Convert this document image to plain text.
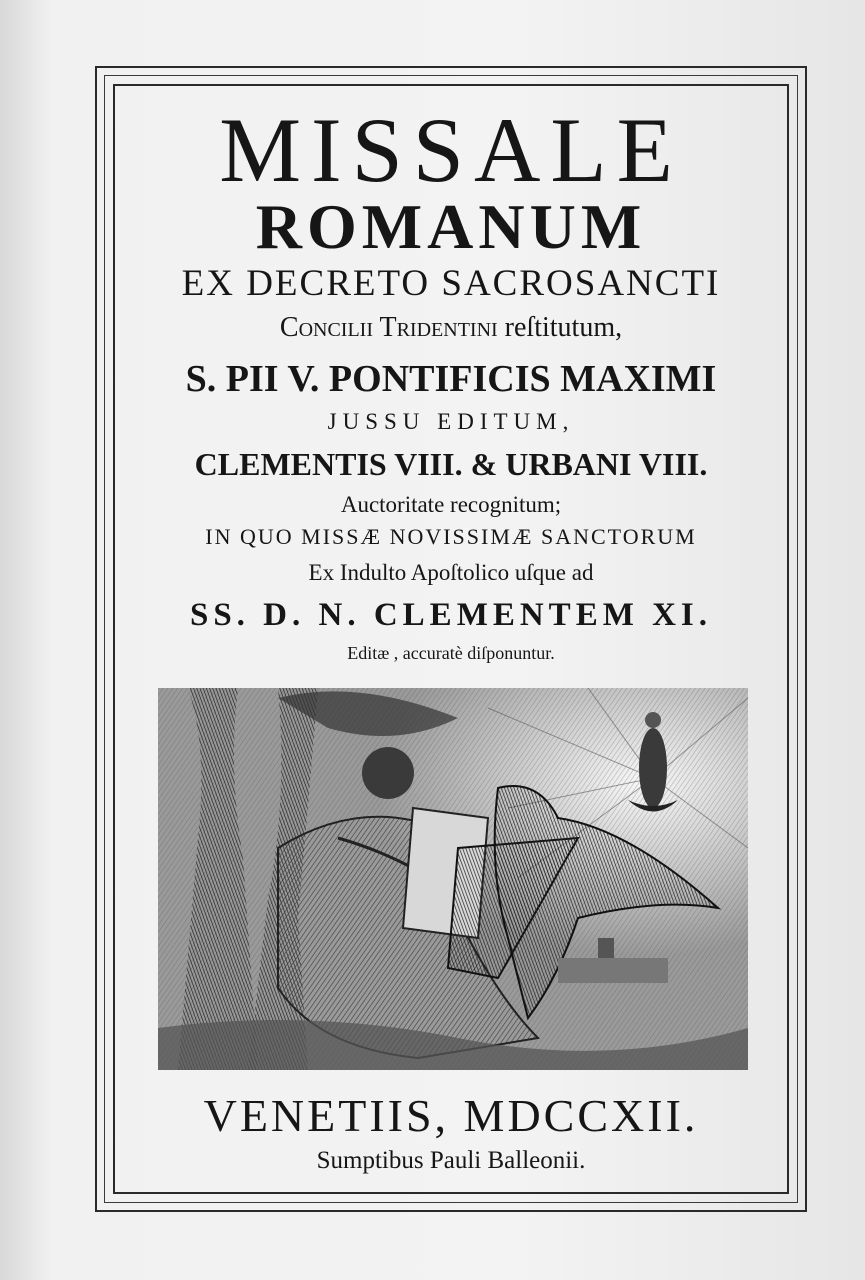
MISSALE
ROMANUM
EX DECRETO SACROSANCTI
Concilii Tridentini reſtitutum,
S. PII V. PONTIFICIS MAXIMI
JUSSU EDITUM,
CLEMENTIS VIII. & URBANI VIII.
Auctoritate recognitum;
IN QUO MISSÆ NOVISSIMÆ SANCTORUM
Ex Indulto Apoſtolico uſque ad
SS. D. N. CLEMENTEM XI.
Editæ , accuratè diſponuntur.
VENETIIS, MDCCXII.
Sumptibus Pauli Balleonii.
